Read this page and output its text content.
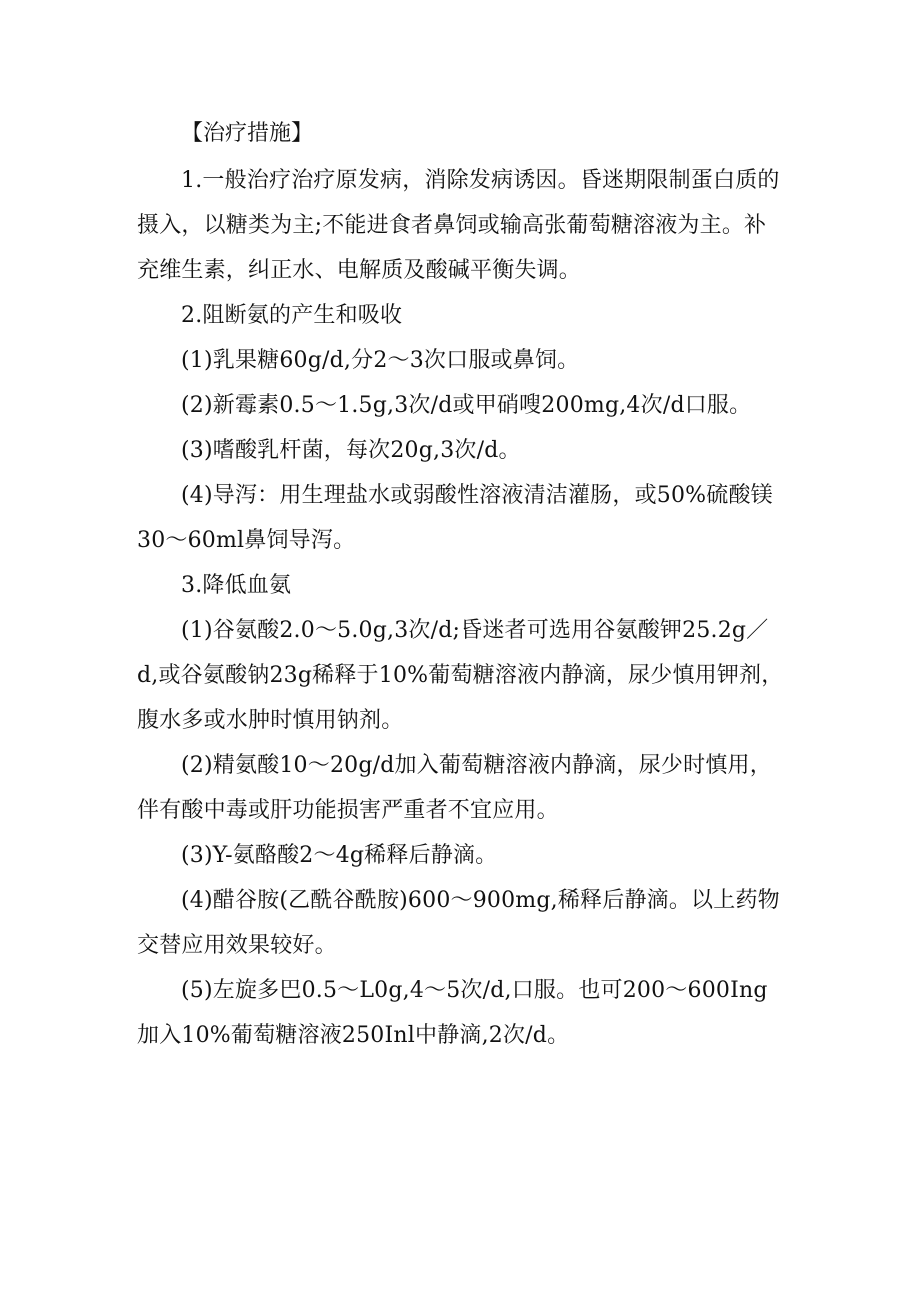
【治疗措施】

1.一般治疗治疗原发病，消除发病诱因。昏迷期限制蛋白质的摄入，以糖类为主;不能进食者鼻饲或输高张葡萄糖溶液为主。补充维生素，纠正水、电解质及酸碱平衡失调。

2.阻断氨的产生和吸收

(1)乳果糖60g/d,分2～3次口服或鼻饲。

(2)新霉素0.5～1.5g,3次/d或甲硝嗖200mg,4次/d口服。

(3)嗜酸乳杆菌，每次20g,3次/d。

(4)导泻：用生理盐水或弱酸性溶液清洁灌肠，或50%硫酸镁30～60ml鼻饲导泻。

3.降低血氨

(1)谷氨酸2.0～5.0g,3次/d;昏迷者可选用谷氨酸钾25.2g／d,或谷氨酸钠23g稀释于10%葡萄糖溶液内静滴，尿少慎用钾剂，腹水多或水肿时慎用钠剂。

(2)精氨酸10～20g/d加入葡萄糖溶液内静滴，尿少时慎用，伴有酸中毒或肝功能损害严重者不宜应用。

(3)Y-氨酪酸2～4g稀释后静滴。

(4)醋谷胺(乙酰谷酰胺)600～900mg,稀释后静滴。以上药物交替应用效果较好。

(5)左旋多巴0.5～L0g,4～5次/d,口服。也可200～600Ing加入10%葡萄糖溶液250Inl中静滴,2次/d。
